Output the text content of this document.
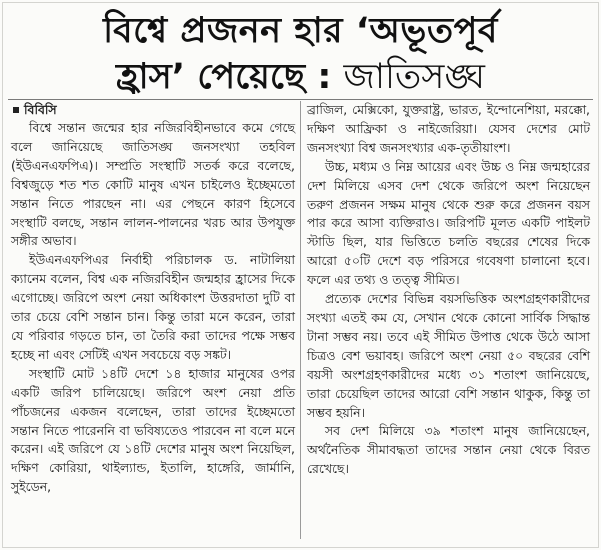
বিশ্বে প্রজনন হার ‘অভূতপূর্ব
হ্রাস’ পেয়েছে : জাতিসঙ্ঘ
বিবিসি

বিশ্বে সন্তান জন্মের হার নজিরবিহীনভাবে কমে গেছে বলে জানিয়েছে জাতিসঙ্ঘ জনসংখ্যা তহবিল (ইউএনএফপিএ)। সম্প্রতি সংস্থাটি সতর্ক করে বলেছে, বিশ্বজুড়ে শত শত কোটি মানুষ এখন চাইলেও ইচ্ছেমতো সন্তান নিতে পারছেন না। এর পেছনে কারণ হিসেবে সংস্থাটি বলছে, সন্তান লালন-পালনের খরচ আর উপযুক্ত সঙ্গীর অভাব।

ইউএনএফপিএর নির্বাহী পরিচালক ড. নাটালিয়া ক্যানেম বলেন, বিশ্ব এক নজিরবিহীন জন্মহার হ্রাসের দিকে এগোচ্ছে। জরিপে অংশ নেয়া অধিকাংশ উত্তরদাতা দুটি বা তার চেয়ে বেশি সন্তান চান। কিন্তু তারা মনে করেন, তারা যে পরিবার গড়তে চান, তা তৈরি করা তাদের পক্ষে সম্ভব হচ্ছে না এবং সেটিই এখন সবচেয়ে বড় সঙ্কট।

সংস্থাটি মোট ১৪টি দেশে ১৪ হাজার মানুষের ওপর একটি জরিপ চালিয়েছে। জরিপে অংশ নেয়া প্রতি পাঁচজনের একজন বলেছেন, তারা তাদের ইচ্ছেমতো সন্তান নিতে পারেননি বা ভবিষ্যতেও পারবেন না বলে মনে করেন। এই জরিপে যে ১৪টি দেশের মানুষ অংশ নিয়েছিল, দক্ষিণ কোরিয়া, থাইল্যান্ড, ইতালি, হাঙ্গেরি, জার্মানি, সুইডেন,

ব্রাজিল, মেক্সিকো, যুক্তরাষ্ট্র, ভারত, ইন্দোনেশিয়া, মরক্কো, দক্ষিণ আফ্রিকা ও নাইজেরিয়া। যেসব দেশের মোট জনসংখ্যা বিশ্ব জনসংখ্যার এক-তৃতীয়াংশ।

উচ্চ, মধ্যম ও নিম্ন আয়ের এবং উচ্চ ও নিম্ন জন্মহারের দেশ মিলিয়ে এসব দেশ থেকে জরিপে অংশ নিয়েছেন তরুণ প্রজনন সক্ষম মানুষ থেকে শুরু করে প্রজনন বয়স পার করে আসা ব্যক্তিরাও। জরিপটি মূলত একটি পাইলট স্টাডি ছিল, যার ভিত্তিতে চলতি বছরের শেষের দিকে আরো ৫০টি দেশে বড় পরিসরে গবেষণা চালানো হবে। ফলে এর তথ্য ও তত্ত্ব সীমিত।

প্রত্যেক দেশের বিভিন্ন বয়সভিত্তিক অংশগ্রহণকারীদের সংখ্যা এতই কম যে, সেখান থেকে কোনো সার্বিক সিদ্ধান্ত টানা সম্ভব নয়। তবে এই সীমিত উপাত্ত থেকে উঠে আসা চিত্রও বেশ ভয়াবহ। জরিপে অংশ নেয়া ৫০ বছরের বেশি বয়সী অংশগ্রহণকারীদের মধ্যে ৩১ শতাংশ জানিয়েছে, তারা চেয়েছিল তাদের আরো বেশি সন্তান থাকুক, কিন্তু তা সম্ভব হয়নি।

সব দেশ মিলিয়ে ৩৯ শতাংশ মানুষ জানিয়েছেন, অর্থনৈতিক সীমাবদ্ধতা তাদের সন্তান নেয়া থেকে বিরত রেখেছে।
